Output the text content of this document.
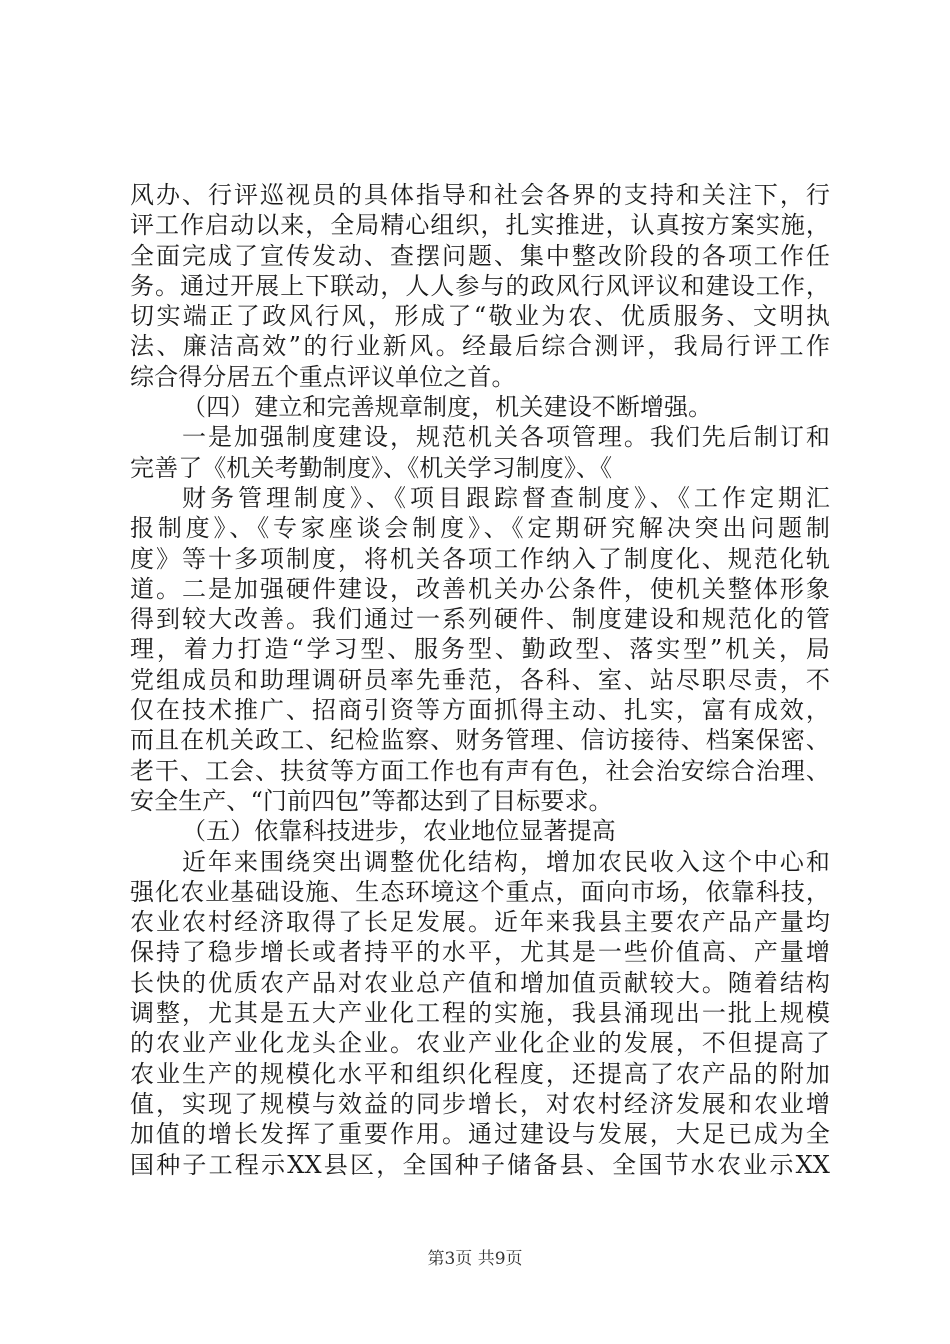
风办、行评巡视员的具体指导和社会各界的支持和关注下，行
评工作启动以来，全局精心组织，扎实推进，认真按方案实施，
全面完成了宣传发动、查摆问题、集中整改阶段的各项工作任
务。通过开展上下联动，人人参与的政风行风评议和建设工作，
切实端正了政风行风，形成了“敬业为农、优质服务、文明执
法、廉洁高效”的行业新风。经最后综合测评，我局行评工作
综合得分居五个重点评议单位之首。
（四）建立和完善规章制度，机关建设不断增强。
一是加强制度建设，规范机关各项管理。我们先后制订和
完善了《机关考勤制度》、《机关学习制度》、《
财务管理制度》、《项目跟踪督查制度》、《工作定期汇
报制度》、《专家座谈会制度》、《定期研究解决突出问题制
度》等十多项制度，将机关各项工作纳入了制度化、规范化轨
道。二是加强硬件建设，改善机关办公条件，使机关整体形象
得到较大改善。我们通过一系列硬件、制度建设和规范化的管
理，着力打造“学习型、服务型、勤政型、落实型”机关，局
党组成员和助理调研员率先垂范，各科、室、站尽职尽责，不
仅在技术推广、招商引资等方面抓得主动、扎实，富有成效，
而且在机关政工、纪检监察、财务管理、信访接待、档案保密、
老干、工会、扶贫等方面工作也有声有色，社会治安综合治理、
安全生产、“门前四包”等都达到了目标要求。
（五）依靠科技进步，农业地位显著提高
近年来围绕突出调整优化结构，增加农民收入这个中心和
强化农业基础设施、生态环境这个重点，面向市场，依靠科技，
农业农村经济取得了长足发展。近年来我县主要农产品产量均
保持了稳步增长或者持平的水平，尤其是一些价值高、产量增
长快的优质农产品对农业总产值和增加值贡献较大。随着结构
调整，尤其是五大产业化工程的实施，我县涌现出一批上规模
的农业产业化龙头企业。农业产业化企业的发展，不但提高了
农业生产的规模化水平和组织化程度，还提高了农产品的附加
值，实现了规模与效益的同步增长，对农村经济发展和农业增
加值的增长发挥了重要作用。通过建设与发展，大足已成为全
国种子工程示XX县区，全国种子储备县、全国节水农业示XX
第3页 共9页
